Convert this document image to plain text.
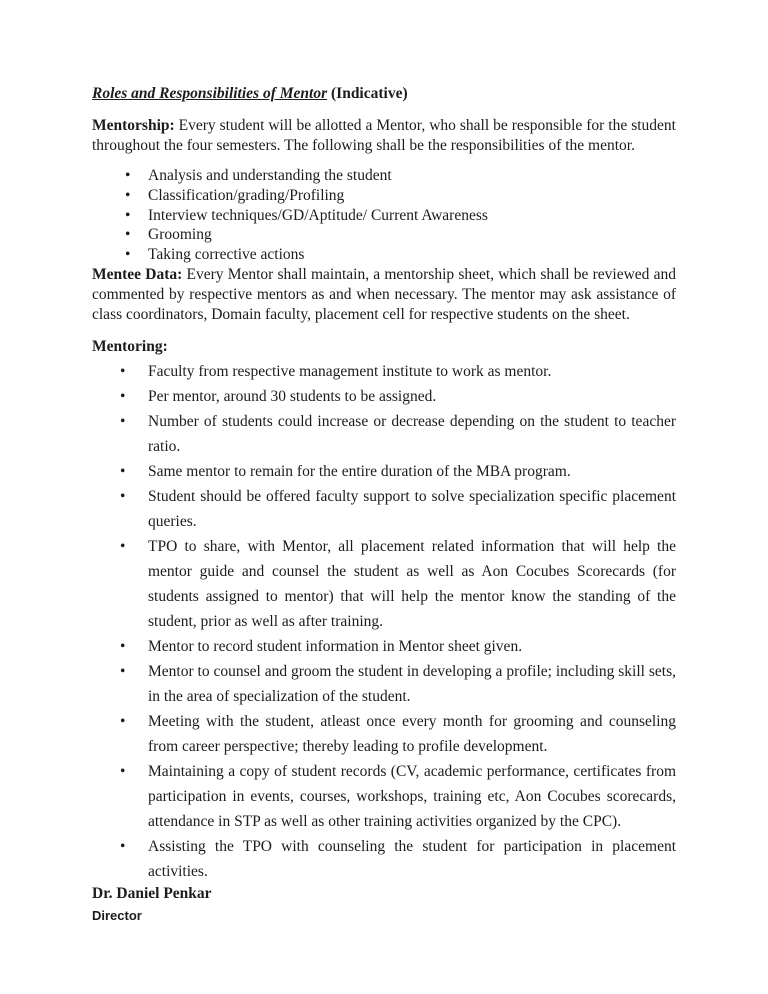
Roles and Responsibilities of Mentor (Indicative)

Mentorship: Every student will be allotted a Mentor, who shall be responsible for the student throughout the four semesters. The following shall be the responsibilities of the mentor.

• Analysis and understanding the student
• Classification/grading/Profiling
• Interview techniques/GD/Aptitude/ Current Awareness
• Grooming
• Taking corrective actions

Mentee Data: Every Mentor shall maintain, a mentorship sheet, which shall be reviewed and commented by respective mentors as and when necessary. The mentor may ask assistance of class coordinators, Domain faculty, placement cell for respective students on the sheet.

Mentoring:

• Faculty from respective management institute to work as mentor.
• Per mentor, around 30 students to be assigned.
• Number of students could increase or decrease depending on the student to teacher ratio.
• Same mentor to remain for the entire duration of the MBA program.
• Student should be offered faculty support to solve specialization specific placement queries.
• TPO to share, with Mentor, all placement related information that will help the mentor guide and counsel the student as well as Aon Cocubes Scorecards (for students assigned to mentor) that will help the mentor know the standing of the student, prior as well as after training.
• Mentor to record student information in Mentor sheet given.
• Mentor to counsel and groom the student in developing a profile; including skill sets, in the area of specialization of the student.
• Meeting with the student, atleast once every month for grooming and counseling from career perspective; thereby leading to profile development.
• Maintaining a copy of student records (CV, academic performance, certificates from participation in events, courses, workshops, training etc, Aon Cocubes scorecards, attendance in STP as well as other training activities organized by the CPC).
• Assisting the TPO with counseling the student for participation in placement activities.

Dr. Daniel Penkar

Director
